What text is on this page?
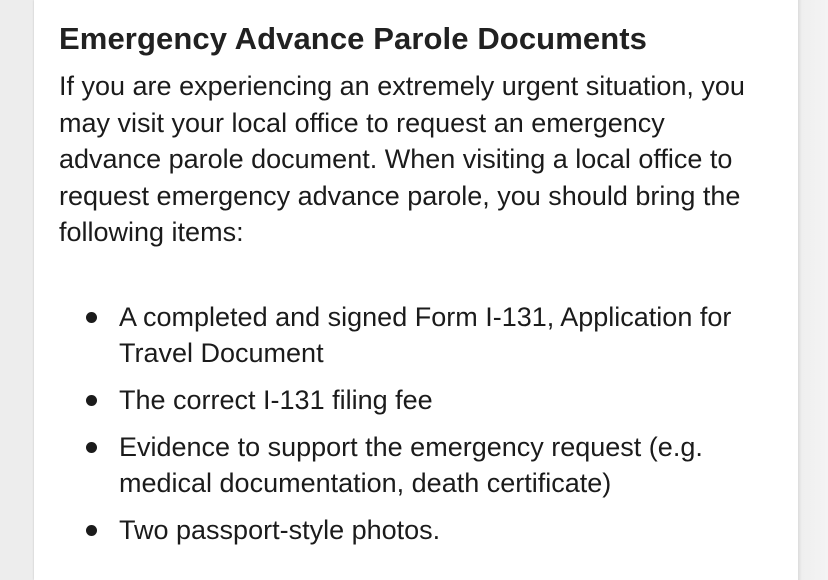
Emergency Advance Parole Documents

If you are experiencing an extremely urgent situation, you may visit your local office to request an emergency advance parole document. When visiting a local office to request emergency advance parole, you should bring the following items:

A completed and signed Form I-131, Application for Travel Document
The correct I-131 filing fee
Evidence to support the emergency request (e.g. medical documentation, death certificate)
Two passport-style photos.
